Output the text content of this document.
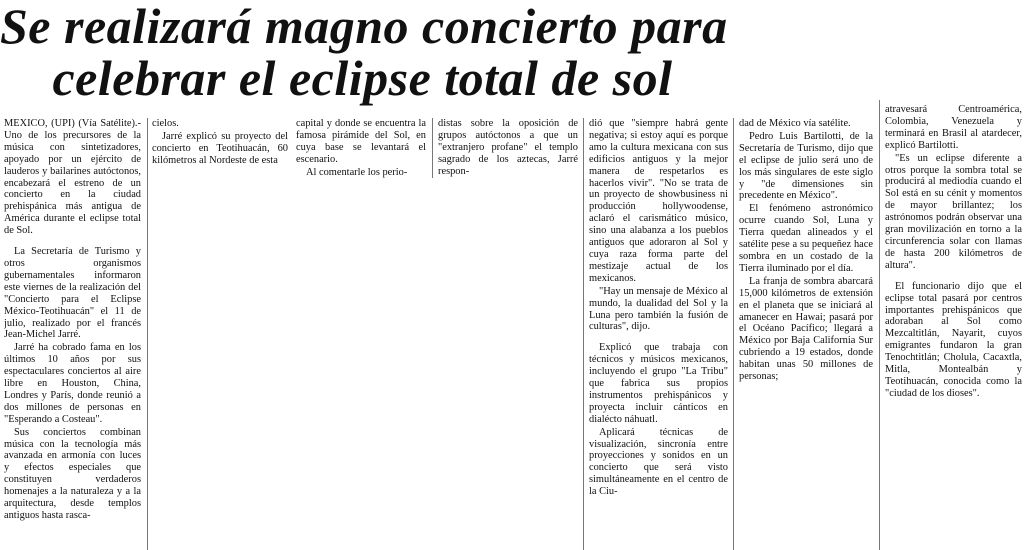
Se realizará magno concierto para
celebrar el eclipse total de sol

MEXICO, (UPI) (Vía Satélite).- Uno de los precursores de la música con sintetizadores, apoyado por un ejército de lauderos y bailarines autóctonos, encabezará el estreno de un concierto en la ciudad prehispánica más antigua de América durante el eclipse total de Sol.

La Secretaría de Turismo y otros organismos gubernamentales informaron este viernes de la realización del "Concierto para el Eclipse México-Teotihuacán" el 11 de julio, realizado por el francés Jean-Michel Jarré.

Jarré ha cobrado fama en los últimos 10 años por sus espectaculares conciertos al aire libre en Houston, China, Londres y París, donde reunió a dos millones de personas en "Esperando a Costeau".

Sus conciertos combinan música con la tecnología más avanzada en armonía con luces y efectos especiales que constituyen verdaderos homenajes a la naturaleza y a la arquitectura, desde templos antiguos hasta rasca-

cielos.

Jarré explicó su proyecto del concierto en Teotihuacán, 60 kilómetros al Nordeste de esta

capital y donde se encuentra la famosa pirámide del Sol, en cuya base se levantará el escenario.

Al comentarle los perio-

distas sobre la oposición de grupos autóctonos a que un "extranjero profane" el templo sagrado de los aztecas, Jarré respon-

dió que "siempre habrá gente negativa; si estoy aquí es porque amo la cultura mexicana con sus edificios antiguos y la mejor manera de respetarlos es hacerlos vivir". "No se trata de un proyecto de showbusiness ni producción hollywoodense, aclaró el carismático músico, sino una alabanza a los pueblos antiguos que adoraron al Sol y cuya raza forma parte del mestizaje actual de los mexicanos.

"Hay un mensaje de México al mundo, la dualidad del Sol y la Luna pero también la fusión de culturas", dijo.

Explicó que trabaja con técnicos y músicos mexicanos, incluyendo el grupo "La Tribu" que fabrica sus propios instrumentos prehispánicos y proyecta incluir cánticos en dialécto náhuatl.

Aplicará técnicas de visualización, sincronía entre proyecciones y sonidos en un concierto que será visto simultáneamente en el centro de la Ciu-

dad de México vía satélite.

Pedro Luis Bartilotti, de la Secretaría de Turismo, dijo que el eclipse de julio será uno de los más singulares de este siglo y "de dimensiones sin precedente en México".

El fenómeno astronómico ocurre cuando Sol, Luna y Tierra quedan alineados y el satélite pese a su pequeñez hace sombra en un costado de la Tierra iluminado por el día.

La franja de sombra abarcará 15,000 kilómetros de extensión en el planeta que se iniciará al amanecer en Hawai; pasará por el Océano Pacífico; llegará a México por Baja California Sur cubriendo a 19 estados, donde habitan unas 50 millones de personas;

atravesará Centroamérica, Colombia, Venezuela y terminará en Brasil al atardecer, explicó Bartilotti.

"Es un eclipse diferente a otros porque la sombra total se producirá al mediodía cuando el Sol está en su cénit y momentos de mayor brillantez; los astrónomos podrán observar una gran movilización en torno a la circunferencia solar con llamas de hasta 200 kilómetros de altura".

El funcionario dijo que el eclipse total pasará por centros importantes prehispánicos que adoraban al Sol como Mezcaltitlán, Nayarit, cuyos emigrantes fundaron la gran Tenochtitlán; Cholula, Cacaxtla, Mitla, Montealbán y Teotihuacán, conocida como la "ciudad de los dioses".
